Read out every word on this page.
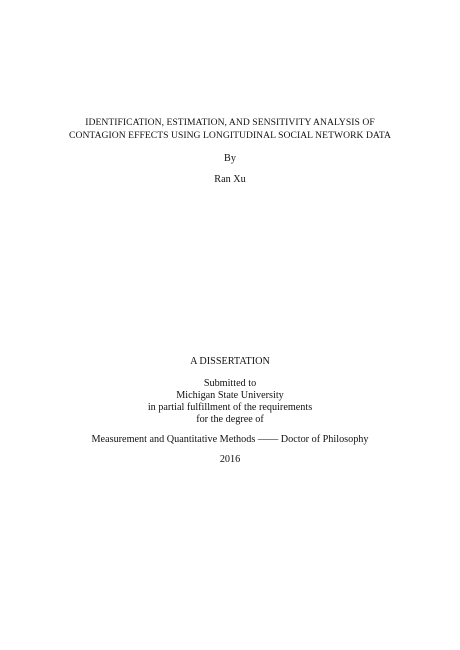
IDENTIFICATION, ESTIMATION, AND SENSITIVITY ANALYSIS OF
CONTAGION EFFECTS USING LONGITUDINAL SOCIAL NETWORK DATA
By
Ran Xu
A DISSERTATION
Submitted to
Michigan State University
in partial fulfillment of the requirements
for the degree of
Measurement and Quantitative Methods —— Doctor of Philosophy
2016
